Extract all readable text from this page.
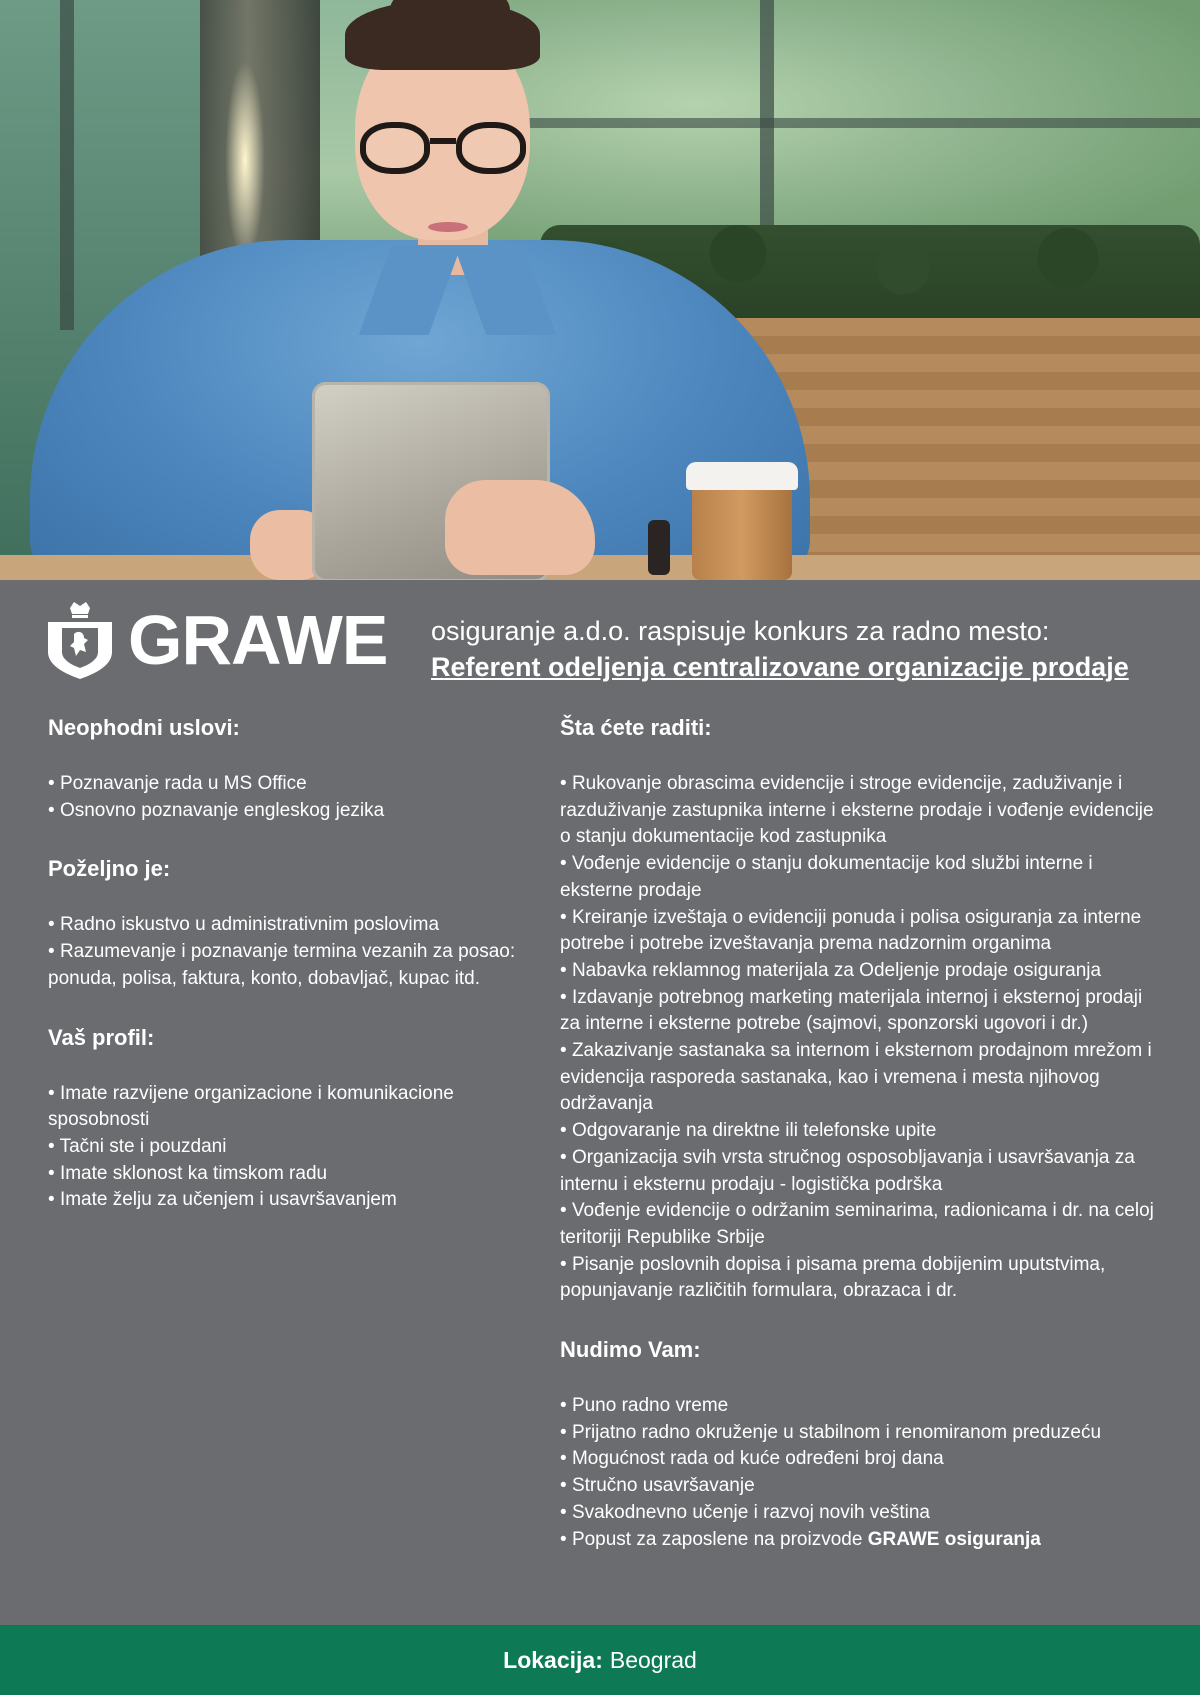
GRAWE osiguranje a.d.o. raspisuje konkurs za radno mesto:
Referent odeljenja centralizovane organizacije prodaje
Neophodni uslovi:
• Poznavanje rada u MS Office
• Osnovno poznavanje engleskog jezika
Poželjno je:
• Radno iskustvo u administrativnim poslovima
• Razumevanje i poznavanje termina vezanih za posao: ponuda, polisa, faktura, konto, dobavljač, kupac itd.
Vaš profil:
• Imate razvijene organizacione i komunikacione sposobnosti
• Tačni ste i pouzdani
• Imate sklonost ka timskom radu
• Imate želju za učenjem i usavršavanjem
Šta ćete raditi:
• Rukovanje obrascima evidencije i stroge evidencije, zaduživanje i razduživanje zastupnika interne i eksterne prodaje i vođenje evidencije o stanju dokumentacije kod zastupnika
• Vođenje evidencije o stanju dokumentacije kod službi interne i eksterne prodaje
• Kreiranje izveštaja o evidenciji ponuda i polisa osiguranja za interne potrebe i potrebe izveštavanja prema nadzornim organima
• Nabavka reklamnog materijala za Odeljenje prodaje osiguranja
• Izdavanje potrebnog marketing materijala internoj i eksternoj prodaji za interne i eksterne potrebe (sajmovi, sponzorski ugovori i dr.)
• Zakazivanje sastanaka sa internom i eksternom prodajnom mrežom i evidencija rasporeda sastanaka, kao i vremena i mesta njihovog održavanja
• Odgovaranje na direktne ili telefonske upite
• Organizacija svih vrsta stručnog osposobljavanja i usavršavanja za internu i eksternu prodaju - logistička podrška
• Vođenje evidencije o održanim seminarima, radionicama i dr. na celoj teritoriji Republike Srbije
• Pisanje poslovnih dopisa i pisama prema dobijenim uputstvima, popunjavanje različitih formulara, obrazaca i dr.
Nudimo Vam:
• Puno radno vreme
• Prijatno radno okruženje u stabilnom i renomiranom preduzeću
• Mogućnost rada od kuće određeni broj dana
• Stručno usavršavanje
• Svakodnevno učenje i razvoj novih veština
• Popust za zaposlene na proizvode GRAWE osiguranja
Lokacija: Beograd
